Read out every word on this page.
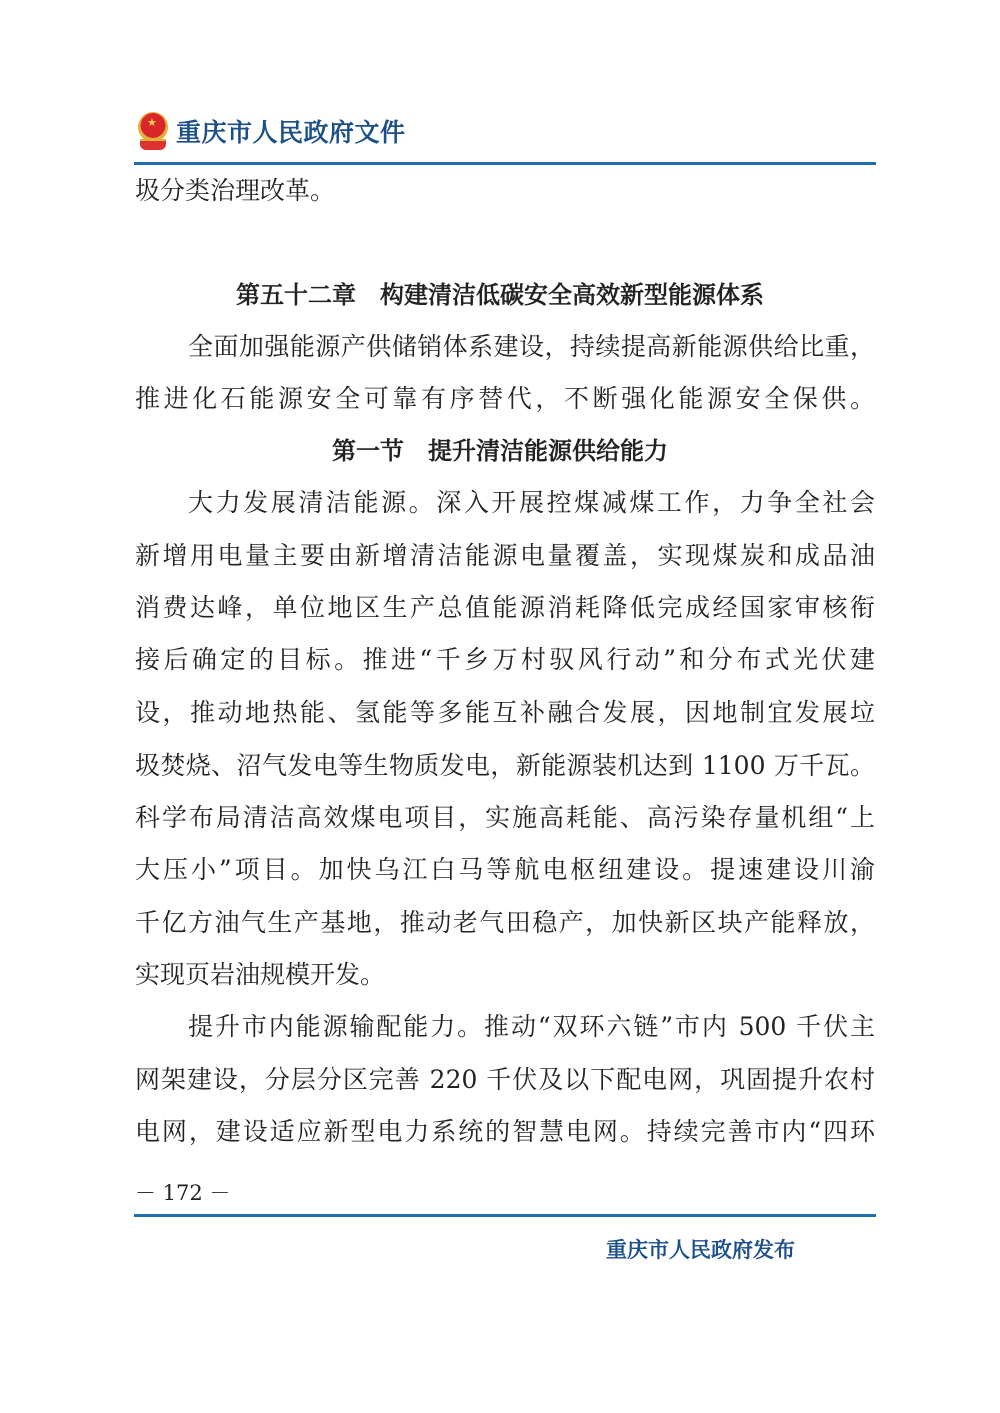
★ 重庆市人民政府文件
圾分类治理改革。
第五十二章　构建清洁低碳安全高效新型能源体系
全面加强能源产供储销体系建设，持续提高新能源供给比重，
推进化石能源安全可靠有序替代，不断强化能源安全保供。
第一节　提升清洁能源供给能力
大力发展清洁能源。深入开展控煤减煤工作，力争全社会
新增用电量主要由新增清洁能源电量覆盖，实现煤炭和成品油
消费达峰，单位地区生产总值能源消耗降低完成经国家审核衔
接后确定的目标。推进“千乡万村驭风行动”和分布式光伏建
设，推动地热能、氢能等多能互补融合发展，因地制宜发展垃
圾焚烧、沼气发电等生物质发电，新能源装机达到 1100 万千瓦。
科学布局清洁高效煤电项目，实施高耗能、高污染存量机组“上
大压小”项目。加快乌江白马等航电枢纽建设。提速建设川渝
千亿方油气生产基地，推动老气田稳产，加快新区块产能释放，
实现页岩油规模开发。
提升市内能源输配能力。推动“双环六链”市内 500 千伏主
网架建设，分层分区完善 220 千伏及以下配电网，巩固提升农村
电网，建设适应新型电力系统的智慧电网。持续完善市内“四环
－ 172 －
重庆市人民政府发布
